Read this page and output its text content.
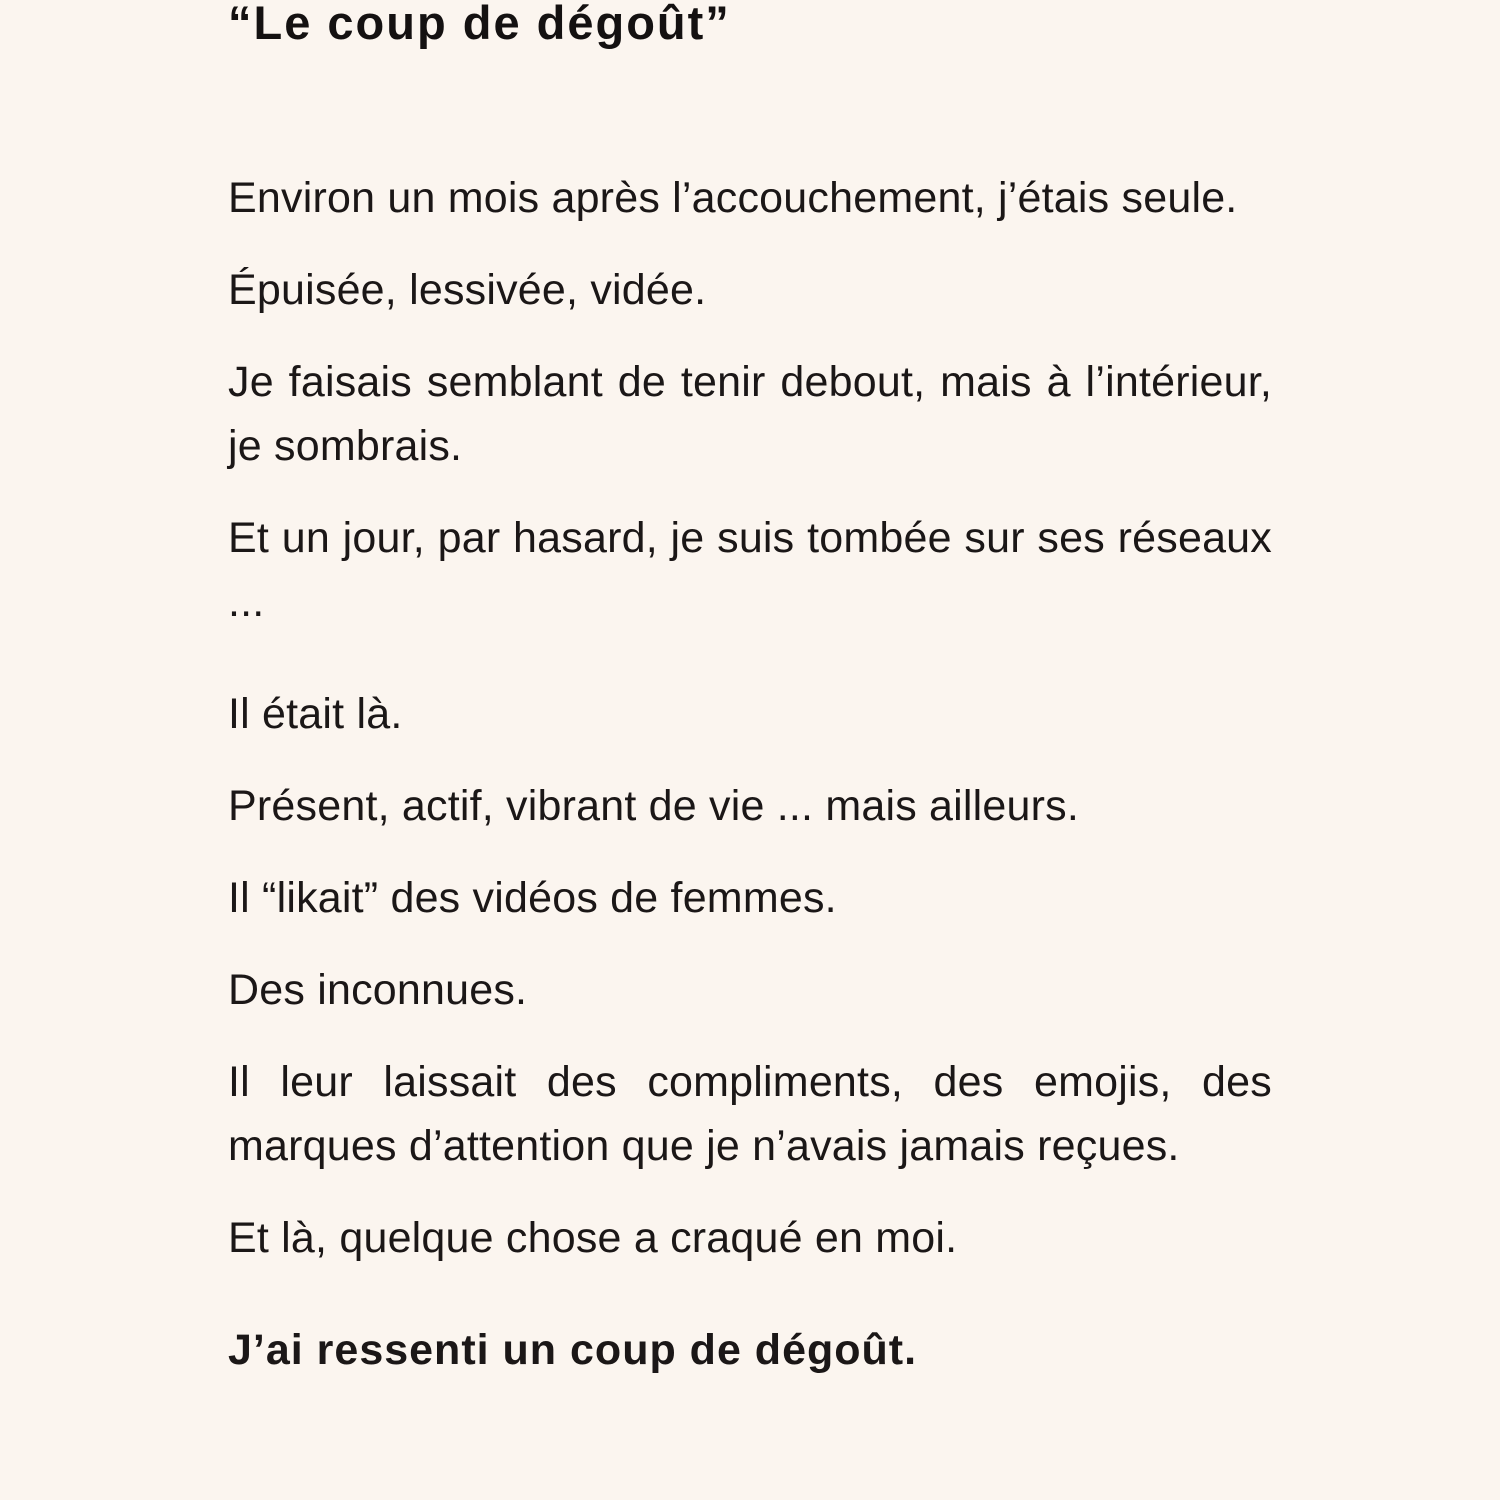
“Le coup de dégoût”

Environ un mois après l’accouchement, j’étais seule.

Épuisée, lessivée, vidée.

Je faisais semblant de tenir debout, mais à l’intérieur, je sombrais.

Et un jour, par hasard, je suis tombée sur ses réseaux ...

Il était là.

Présent, actif, vibrant de vie ... mais ailleurs.

Il “likait” des vidéos de femmes.

Des inconnues.

Il leur laissait des compliments, des emojis, des marques d’attention que je n’avais jamais reçues.

Et là, quelque chose a craqué en moi.

J’ai ressenti un coup de dégoût.
